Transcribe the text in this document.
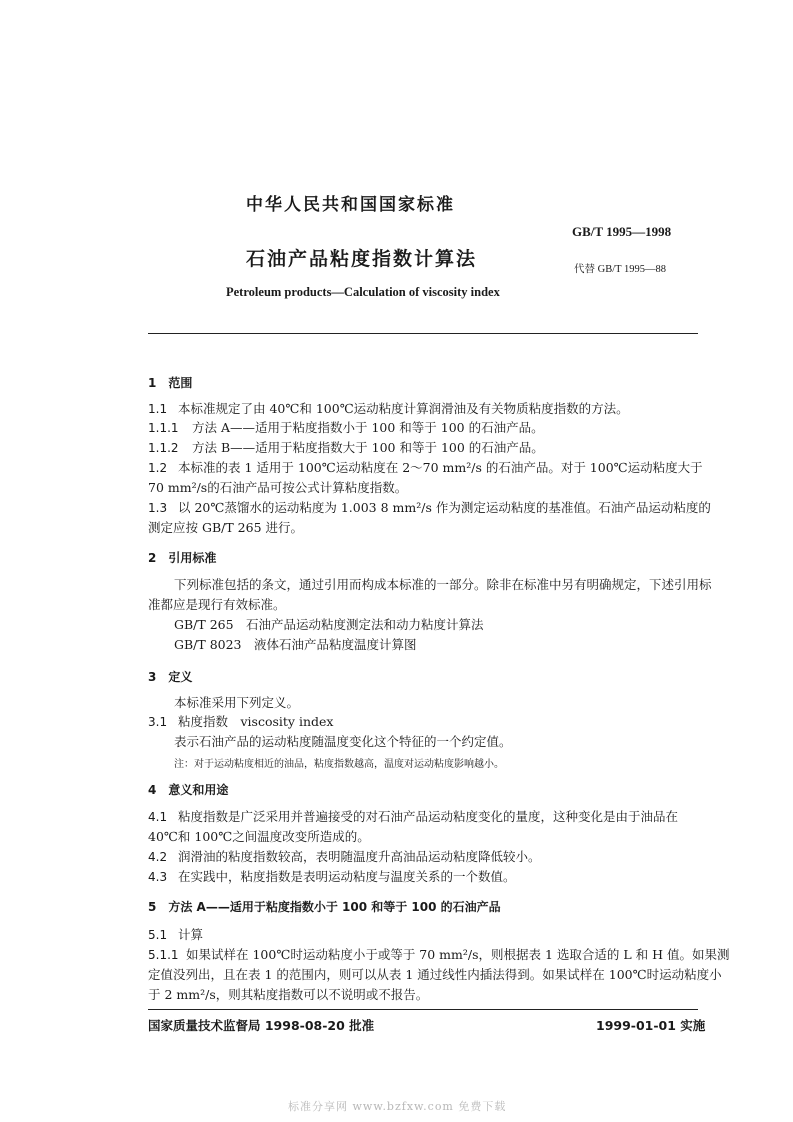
中华人民共和国国家标准
GB/T 1995—1998
石油产品粘度指数计算法	代替 GB/T 1995—88
Petroleum products—Calculation of viscosity index
1　范围
1.1 本标准规定了由 40℃和 100℃运动粘度计算润滑油及有关物质粘度指数的方法。
1.1.1 方法 A——适用于粘度指数小于 100 和等于 100 的石油产品。
1.1.2 方法 B——适用于粘度指数大于 100 和等于 100 的石油产品。
1.2 本标准的表 1 适用于 100℃运动粘度在 2～70 mm²/s 的石油产品。对于 100℃运动粘度大于
70 mm²/s的石油产品可按公式计算粘度指数。
1.3 以 20℃蒸馏水的运动粘度为 1.003 8 mm²/s 作为测定运动粘度的基准值。石油产品运动粘度的
测定应按 GB/T 265 进行。
2　引用标准
下列标准包括的条文，通过引用而构成本标准的一部分。除非在标准中另有明确规定，下述引用标
准都应是现行有效标准。
GB/T 265　石油产品运动粘度测定法和动力粘度计算法
GB/T 8023　液体石油产品粘度温度计算图
3　定义
本标准采用下列定义。
3.1 粘度指数　viscosity index
表示石油产品的运动粘度随温度变化这个特征的一个约定值。
注：对于运动粘度相近的油品，粘度指数越高，温度对运动粘度影响越小。
4　意义和用途
4.1 粘度指数是广泛采用并普遍接受的对石油产品运动粘度变化的量度，这种变化是由于油品在
40℃和 100℃之间温度改变所造成的。
4.2 润滑油的粘度指数较高，表明随温度升高油品运动粘度降低较小。
4.3 在实践中，粘度指数是表明运动粘度与温度关系的一个数值。
5　方法 A——适用于粘度指数小于 100 和等于 100 的石油产品
5.1 计算
5.1.1 如果试样在 100℃时运动粘度小于或等于 70 mm²/s，则根据表 1 选取合适的 L 和 H 值。如果测
定值没列出，且在表 1 的范围内，则可以从表 1 通过线性内插法得到。如果试样在 100℃时运动粘度小
于 2 mm²/s，则其粘度指数可以不说明或不报告。
国家质量技术监督局 1998-08-20 批准	1999-01-01 实施
标准分享网 www.bzfxw.com 免费下载
